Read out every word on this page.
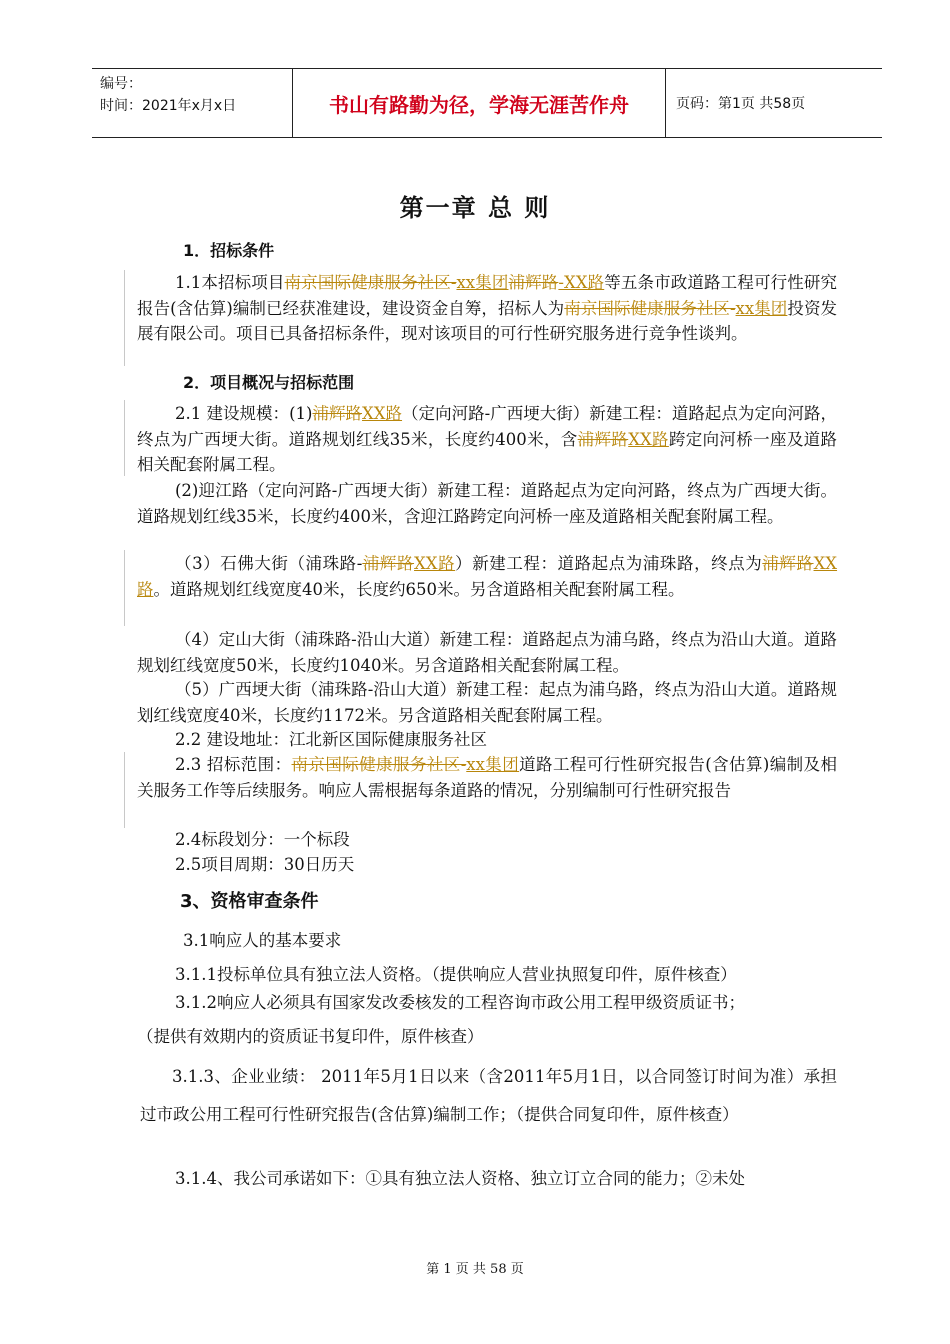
编号：
时间：2021年x月x日	书山有路勤为径，学海无涯苦作舟	页码：第1页 共58页
第一章 总 则
1．招标条件
1.1本招标项目南京国际健康服务社区-xx集团浦辉路-XX路等五条市政道路工程可行性研究报告(含估算)编制已经获准建设，建设资金自筹，招标人为南京国际健康服务社区-xx集团投资发展有限公司。项目已具备招标条件，现对该项目的可行性研究服务进行竞争性谈判。
2．项目概况与招标范围
2.1 建设规模：(1)浦辉路XX路（定向河路-广西埂大街）新建工程：道路起点为定向河路，终点为广西埂大街。道路规划红线35米，长度约400米，含浦辉路XX路跨定向河桥一座及道路相关配套附属工程。
(2)迎江路（定向河路-广西埂大街）新建工程：道路起点为定向河路，终点为广西埂大街。道路规划红线35米，长度约400米，含迎江路跨定向河桥一座及道路相关配套附属工程。
（3）石佛大街（浦珠路-浦辉路XX路）新建工程：道路起点为浦珠路，终点为浦辉路XX路。道路规划红线宽度40米，长度约650米。另含道路相关配套附属工程。
（4）定山大街（浦珠路-沿山大道）新建工程：道路起点为浦乌路，终点为沿山大道。道路规划红线宽度50米，长度约1040米。另含道路相关配套附属工程。
（5）广西埂大街（浦珠路-沿山大道）新建工程：起点为浦乌路，终点为沿山大道。道路规划红线宽度40米，长度约1172米。另含道路相关配套附属工程。
2.2 建设地址：江北新区国际健康服务社区
2.3 招标范围：南京国际健康服务社区-xx集团道路工程可行性研究报告(含估算)编制及相关服务工作等后续服务。响应人需根据每条道路的情况，分别编制可行性研究报告
2.4标段划分：一个标段
2.5项目周期：30日历天
3、资格审查条件
3.1响应人的基本要求
3.1.1投标单位具有独立法人资格。（提供响应人营业执照复印件，原件核查）
3.1.2响应人必须具有国家发改委核发的工程咨询市政公用工程甲级资质证书；
（提供有效期内的资质证书复印件，原件核查）
3.1.3、企业业绩： 2011年5月1日以来（含2011年5月1日，以合同签订时间为准）承担过市政公用工程可行性研究报告(含估算)编制工作；（提供合同复印件，原件核查）
3.1.4、我公司承诺如下：①具有独立法人资格、独立订立合同的能力；②未处
第 1 页 共 58 页
